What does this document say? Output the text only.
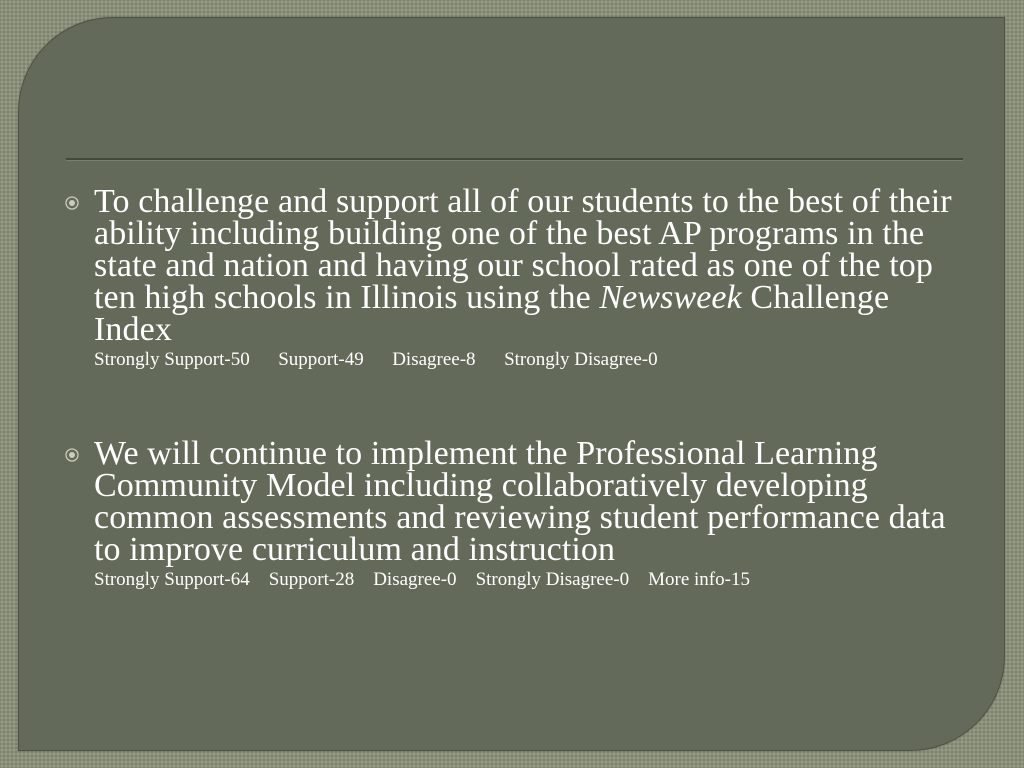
To challenge and support all of our students to the best of their ability including building one of the best AP programs in the state and nation and having our school rated as one of the top ten high schools in Illinois using the Newsweek Challenge Index

Strongly Support-50 Support-49 Disagree-8 Strongly Disagree-0

We will continue to implement the Professional Learning Community Model including collaboratively developing common assessments and reviewing student performance data to improve curriculum and instruction

Strongly Support-64 Support-28 Disagree-0 Strongly Disagree-0 More info-15
